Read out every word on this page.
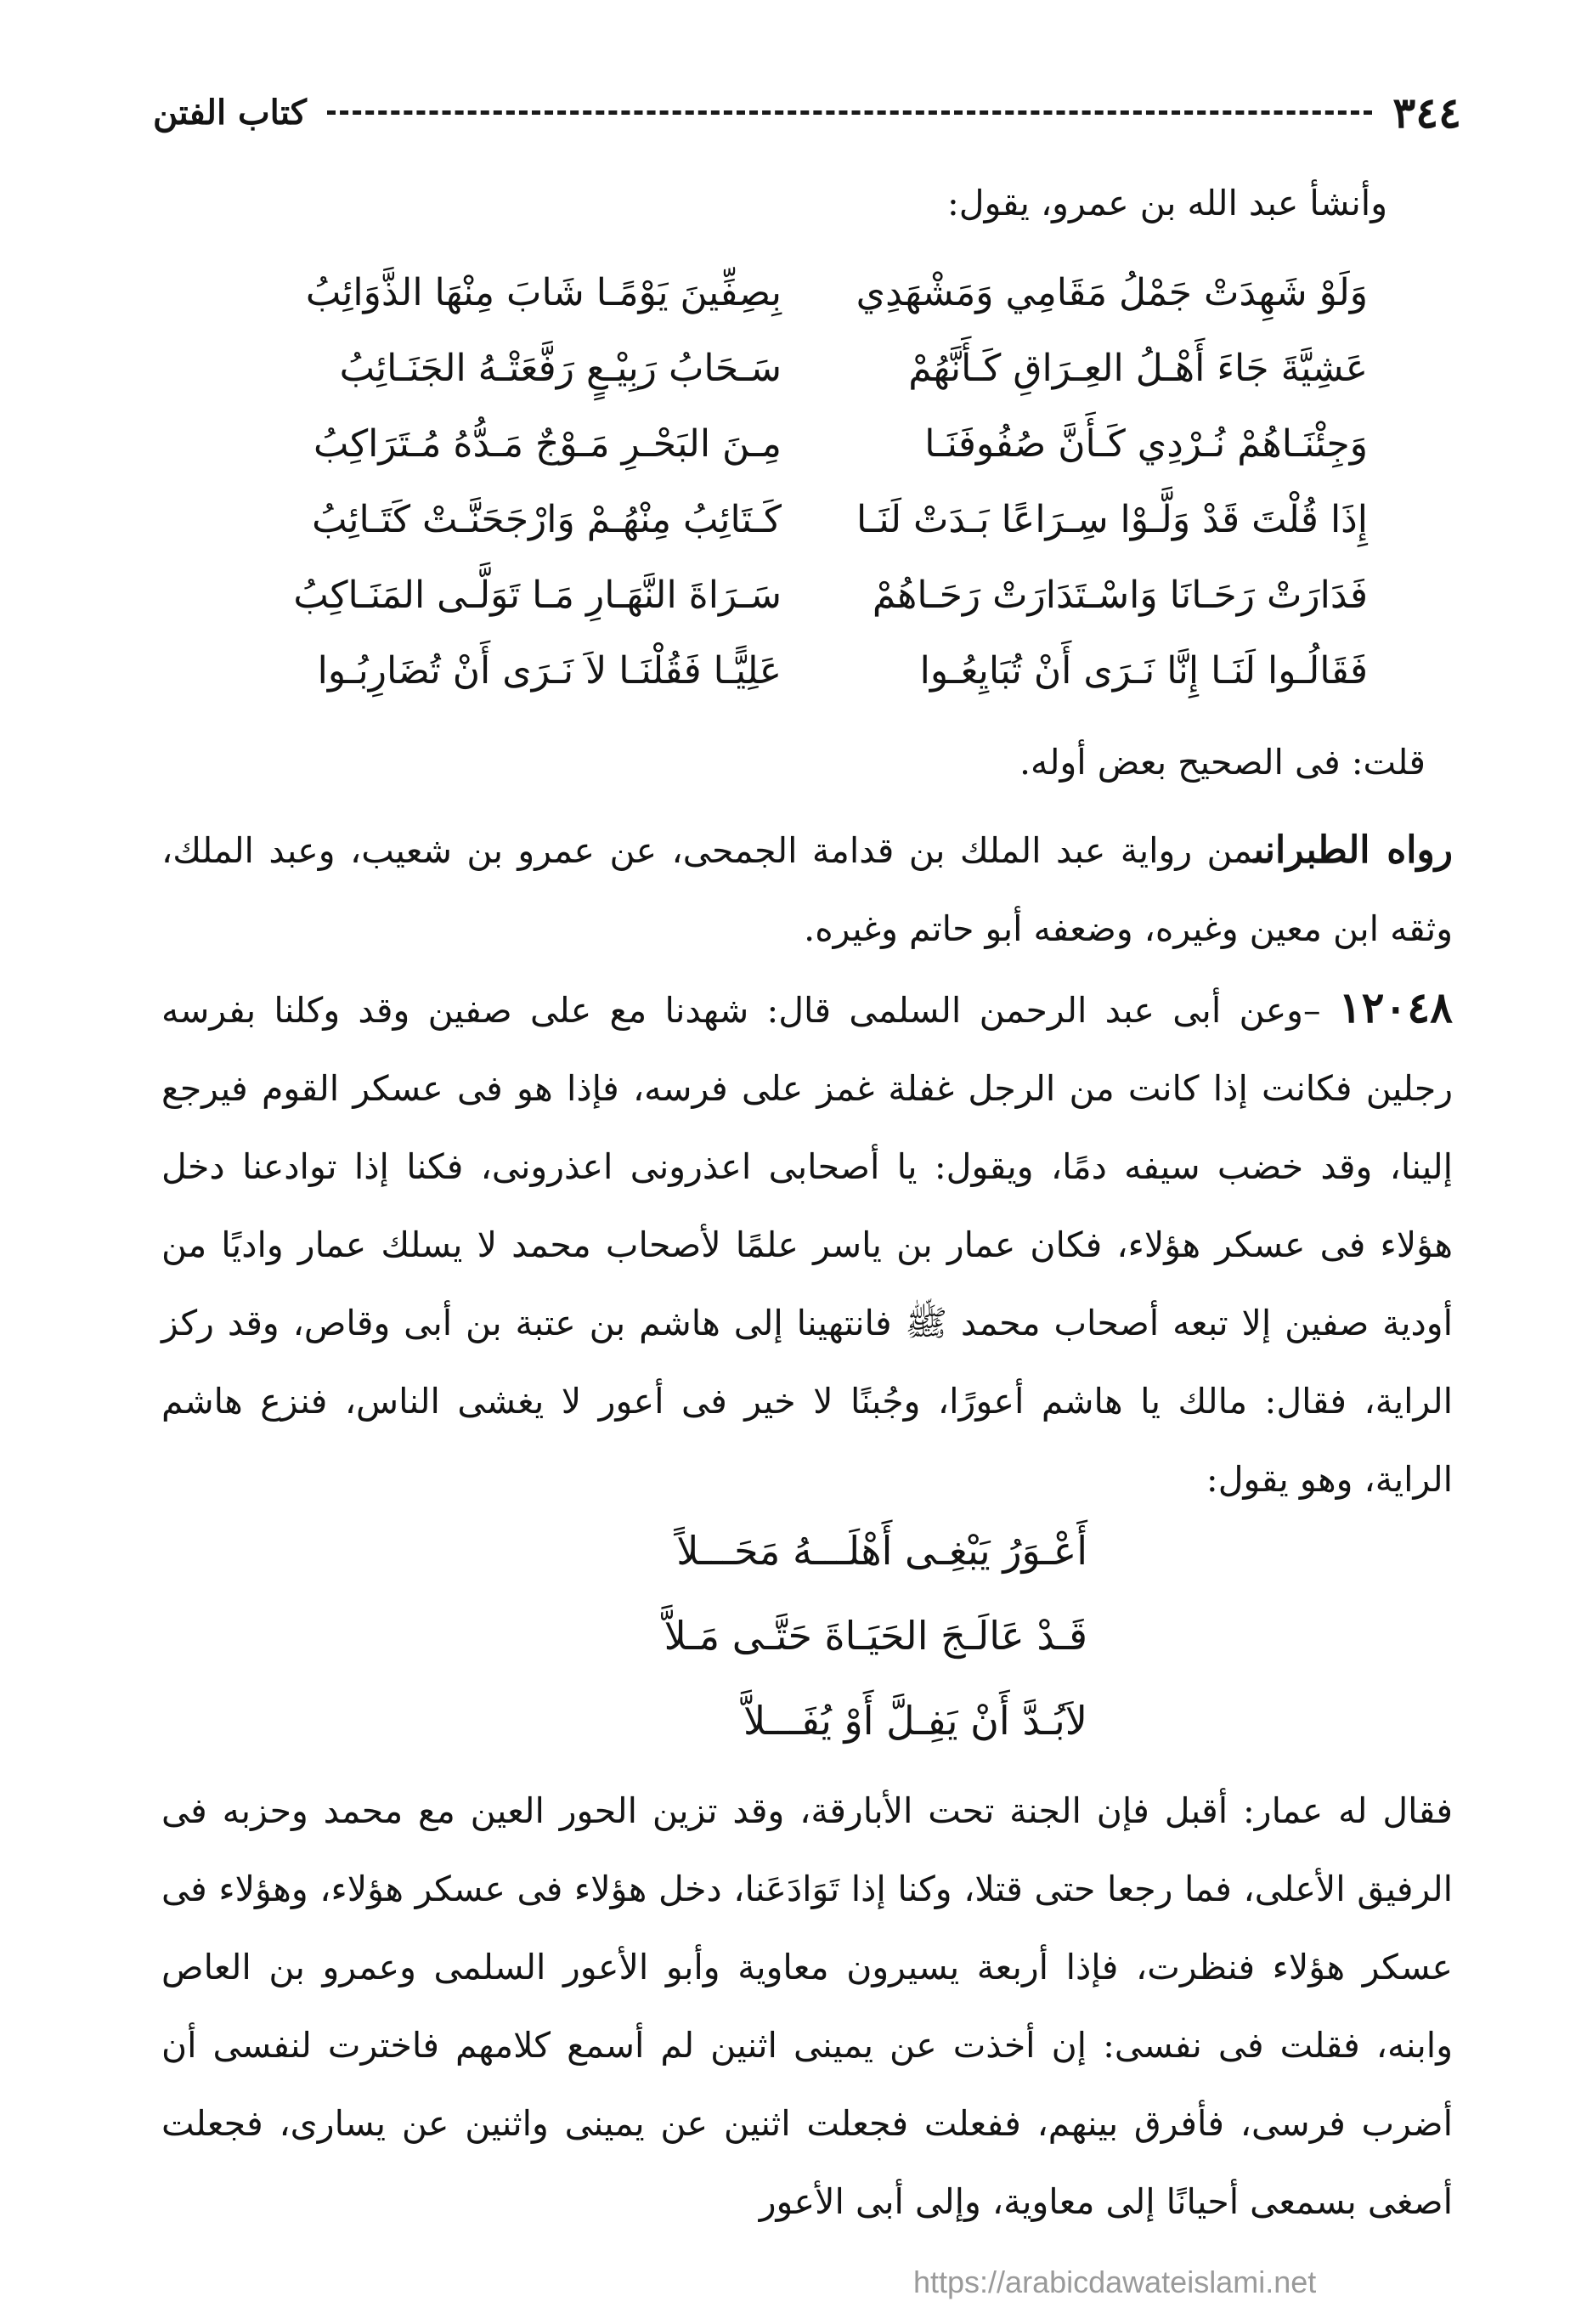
كتاب الفتن	٣٤٤
وأنشأ عبد الله بن عمرو، يقول:
وَلَوْ شَهِدَتْ جَمْلُ مَقَامِي وَمَشْهَدِي
بِصِفِّينَ يَوْمًـا شَابَ مِنْهَا الذَّوَائِبُ
عَشِيَّةَ جَاءَ أَهْـلُ العِـرَاقِ كَـأَنَّهُمْ
سَـحَابُ رَبِيْـعٍ رَفَّعَتْـهُ الجَنَـائِبُ
وَجِئْنَـاهُمْ نُـرْدِي كَـأَنَّ صُفُوفَنَـا
مِـنَ البَحْـرِ مَـوْجٌ مَـدُّهُ مُـتَرَاكِبُ
إِذَا قُلْتَ قَدْ وَلَّـوْا سِـرَاعًا بَـدَتْ لَنَـا
كَـتَائِبُ مِنْهُـمْ وَارْجَحَنَّـتْ كَتَـائِبُ
فَدَارَتْ رَحَـانَا وَاسْـتَدَارَتْ رَحَـاهُمْ
سَـرَاةَ النَّهَـارِ مَـا تَوَلَّـى المَنَـاكِبُ
فَقَالُـوا لَنَـا إِنَّا نَـرَى أَنْ تُبَايِعُـوا
عَلِيًّـا فَقُلْنَـا لاَ نَـرَى أَنْ تُضَارِبُـوا
قلت: فى الصحيح بعض أوله.
رواه الطبرانىمن رواية عبد الملك بن قدامة الجمحى، عن عمرو بن شعيب، وعبد الملك، وثقه ابن معين وغيره، وضعفه أبو حاتم وغيره.
١٢٠٤٨ –وعن أبى عبد الرحمن السلمى قال: شهدنا مع على صفين وقد وكلنا بفرسه رجلين فكانت إذا كانت من الرجل غفلة غمز على فرسه، فإذا هو فى عسكر القوم فيرجع إلينا، وقد خضب سيفه دمًا، ويقول: يا أصحابى اعذرونى اعذرونى، فكنا إذا توادعنا دخل هؤلاء فى عسكر هؤلاء، فكان عمار بن ياسر علمًا لأصحاب محمد لا يسلك عمار واديًا من أودية صفين إلا تبعه أصحاب محمد ﷺ فانتهينا إلى هاشم بن عتبة بن أبى وقاص، وقد ركز الراية، فقال: مالك يا هاشم أعورًا، وجُبنًا لا خير فى أعور لا يغشى الناس، فنزع هاشم الراية، وهو يقول:
أَعْـوَرُ يَبْغِـى أَهْلَـــهُ مَحَـــلاً
قَـدْ عَالَـجَ الحَيَـاةَ حَتَّـى مَـلاَّ
لاَبُـدَّ أَنْ يَفِـلَّ أَوْ يُفَـــلاَّ
فقال له عمار: أقبل فإن الجنة تحت الأبارقة، وقد تزين الحور العين مع محمد وحزبه فى الرفيق الأعلى، فما رجعا حتى قتلا، وكنا إذا تَوَادَعَنا، دخل هؤلاء فى عسكر هؤلاء، وهؤلاء فى عسكر هؤلاء فنظرت، فإذا أربعة يسيرون معاوية وأبو الأعور السلمى وعمرو بن العاص وابنه، فقلت فى نفسى: إن أخذت عن يمينى اثنين لم أسمع كلامهم فاخترت لنفسى أن أضرب فرسى، فأفرق بينهم، ففعلت فجعلت اثنين عن يمينى واثنين عن يسارى، فجعلت أصغى بسمعى أحيانًا إلى معاوية، وإلى أبى الأعور
https://arabicdawateislami.net
